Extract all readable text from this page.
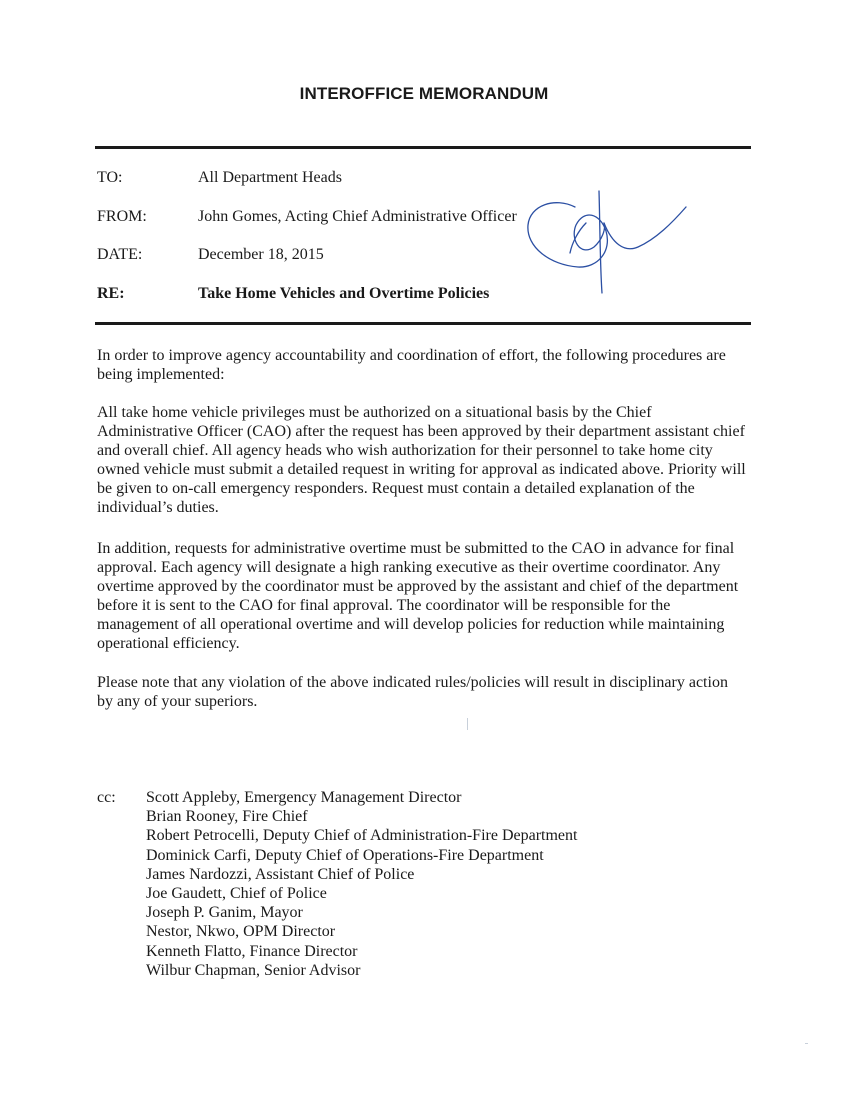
INTEROFFICE MEMORANDUM
TO:	All Department Heads
FROM:	John Gomes, Acting Chief Administrative Officer
DATE:	December 18, 2015
RE:	Take Home Vehicles and Overtime Policies

In order to improve agency accountability and coordination of effort, the following procedures are being implemented:

All take home vehicle privileges must be authorized on a situational basis by the Chief Administrative Officer (CAO) after the request has been approved by their department assistant chief and overall chief. All agency heads who wish authorization for their personnel to take home city owned vehicle must submit a detailed request in writing for approval as indicated above. Priority will be given to on-call emergency responders. Request must contain a detailed explanation of the individual’s duties.

In addition, requests for administrative overtime must be submitted to the CAO in advance for final approval. Each agency will designate a high ranking executive as their overtime coordinator. Any overtime approved by the coordinator must be approved by the assistant and chief of the department before it is sent to the CAO for final approval. The coordinator will be responsible for the management of all operational overtime and will develop policies for reduction while maintaining operational efficiency.

Please note that any violation of the above indicated rules/policies will result in disciplinary action by any of your superiors.

cc: Scott Appleby, Emergency Management Director
Brian Rooney, Fire Chief
Robert Petrocelli, Deputy Chief of Administration-Fire Department
Dominick Carfi, Deputy Chief of Operations-Fire Department
James Nardozzi, Assistant Chief of Police
Joe Gaudett, Chief of Police
Joseph P. Ganim, Mayor
Nestor, Nkwo, OPM Director
Kenneth Flatto, Finance Director
Wilbur Chapman, Senior Advisor
